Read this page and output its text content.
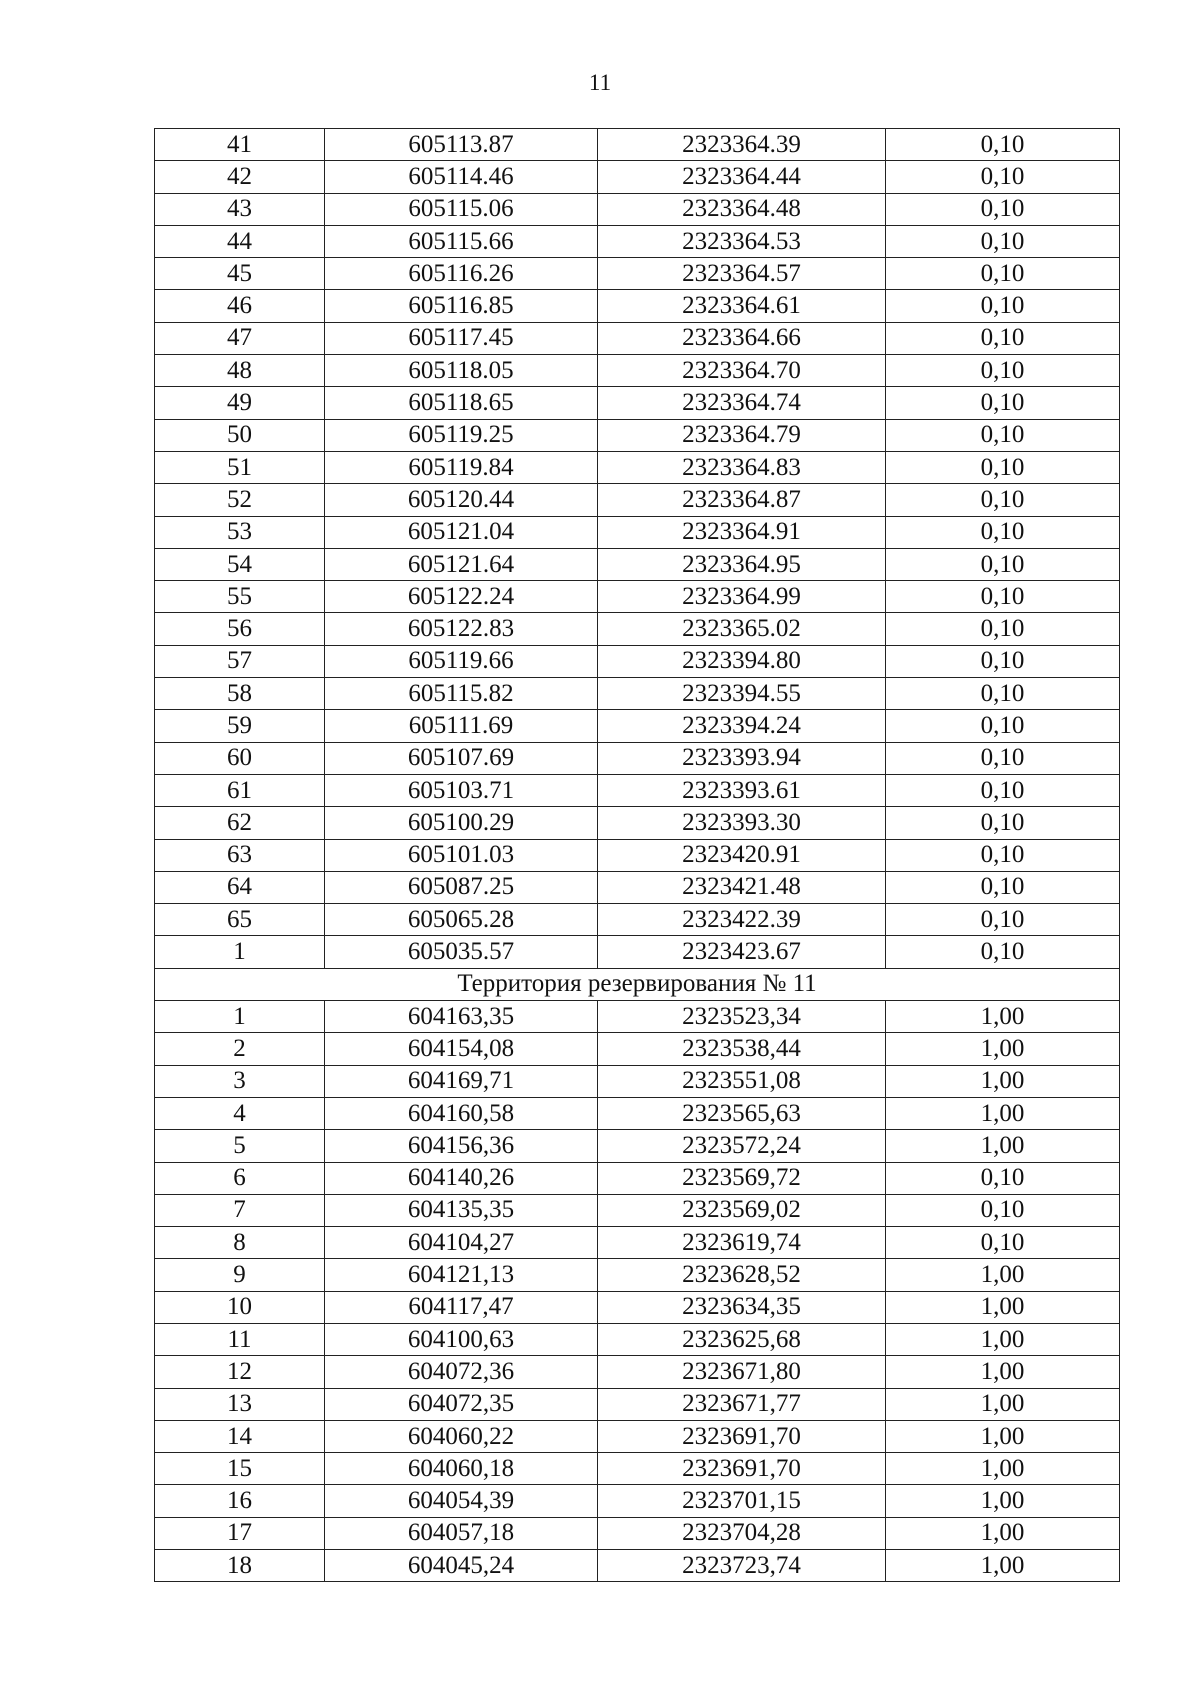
11
41	605113.87	2323364.39	0,10
42	605114.46	2323364.44	0,10
43	605115.06	2323364.48	0,10
44	605115.66	2323364.53	0,10
45	605116.26	2323364.57	0,10
46	605116.85	2323364.61	0,10
47	605117.45	2323364.66	0,10
48	605118.05	2323364.70	0,10
49	605118.65	2323364.74	0,10
50	605119.25	2323364.79	0,10
51	605119.84	2323364.83	0,10
52	605120.44	2323364.87	0,10
53	605121.04	2323364.91	0,10
54	605121.64	2323364.95	0,10
55	605122.24	2323364.99	0,10
56	605122.83	2323365.02	0,10
57	605119.66	2323394.80	0,10
58	605115.82	2323394.55	0,10
59	605111.69	2323394.24	0,10
60	605107.69	2323393.94	0,10
61	605103.71	2323393.61	0,10
62	605100.29	2323393.30	0,10
63	605101.03	2323420.91	0,10
64	605087.25	2323421.48	0,10
65	605065.28	2323422.39	0,10
1	605035.57	2323423.67	0,10
Территория резервирования № 11			
1	604163,35	2323523,34	1,00
2	604154,08	2323538,44	1,00
3	604169,71	2323551,08	1,00
4	604160,58	2323565,63	1,00
5	604156,36	2323572,24	1,00
6	604140,26	2323569,72	0,10
7	604135,35	2323569,02	0,10
8	604104,27	2323619,74	0,10
9	604121,13	2323628,52	1,00
10	604117,47	2323634,35	1,00
11	604100,63	2323625,68	1,00
12	604072,36	2323671,80	1,00
13	604072,35	2323671,77	1,00
14	604060,22	2323691,70	1,00
15	604060,18	2323691,70	1,00
16	604054,39	2323701,15	1,00
17	604057,18	2323704,28	1,00
18	604045,24	2323723,74	1,00
